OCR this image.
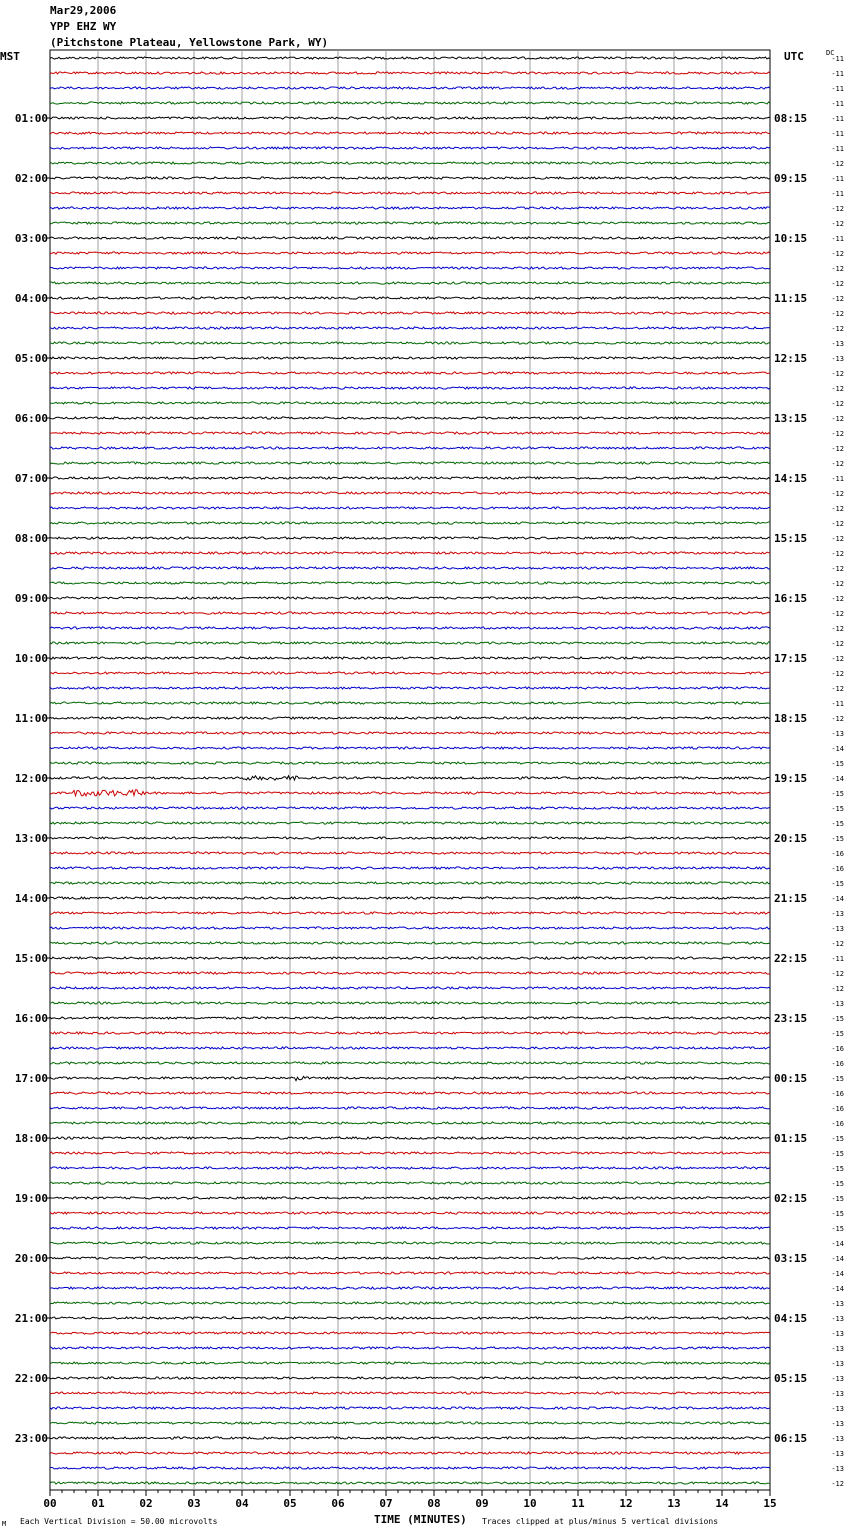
Mar29,2006
YPP EHZ WY
(Pitchstone Plateau, Yellowstone Park, WY)
MST	UTC	DC
01:00
02:00
03:00
04:00
05:00
06:00
07:00
08:00
09:00
10:00
11:00
12:00
13:00
14:00
15:00
16:00
17:00
18:00
19:00
20:00
21:00
22:00
23:00
08:15
09:15
10:15
11:15
12:15
13:15
14:15
15:15
16:15
17:15
18:15
19:15
20:15
21:15
22:15
23:15
00:15
01:15
02:15
03:15
04:15
05:15
06:15
-11
-11
-11
-11
-11
-11
-11
-12
-11
-11
-12
-12
-11
-12
-12
-12
-12
-12
-12
-13
-13
-12
-12
-12
-12
-12
-12
-12
-11
-12
-12
-12
-12
-12
-12
-12
-12
-12
-12
-12
-12
-12
-12
-11
-12
-13
-14
-15
-14
-15
-15
-15
-15
-16
-16
-15
-14
-13
-13
-12
-11
-12
-12
-13
-15
-15
-16
-16
-15
-16
-16
-16
-15
-15
-15
-15
-15
-15
-15
-14
-14
-14
-14
-13
-13
-13
-13
-13
-13
-13
-13
-13
-13
-13
-13
-12
00	01	02	03	04	05	06	07	08	09	10	11	12	13	14	15
M Each Vertical Division = 50.00 microvolts	TIME (MINUTES) Traces clipped at plus/minus 5 vertical divisions
